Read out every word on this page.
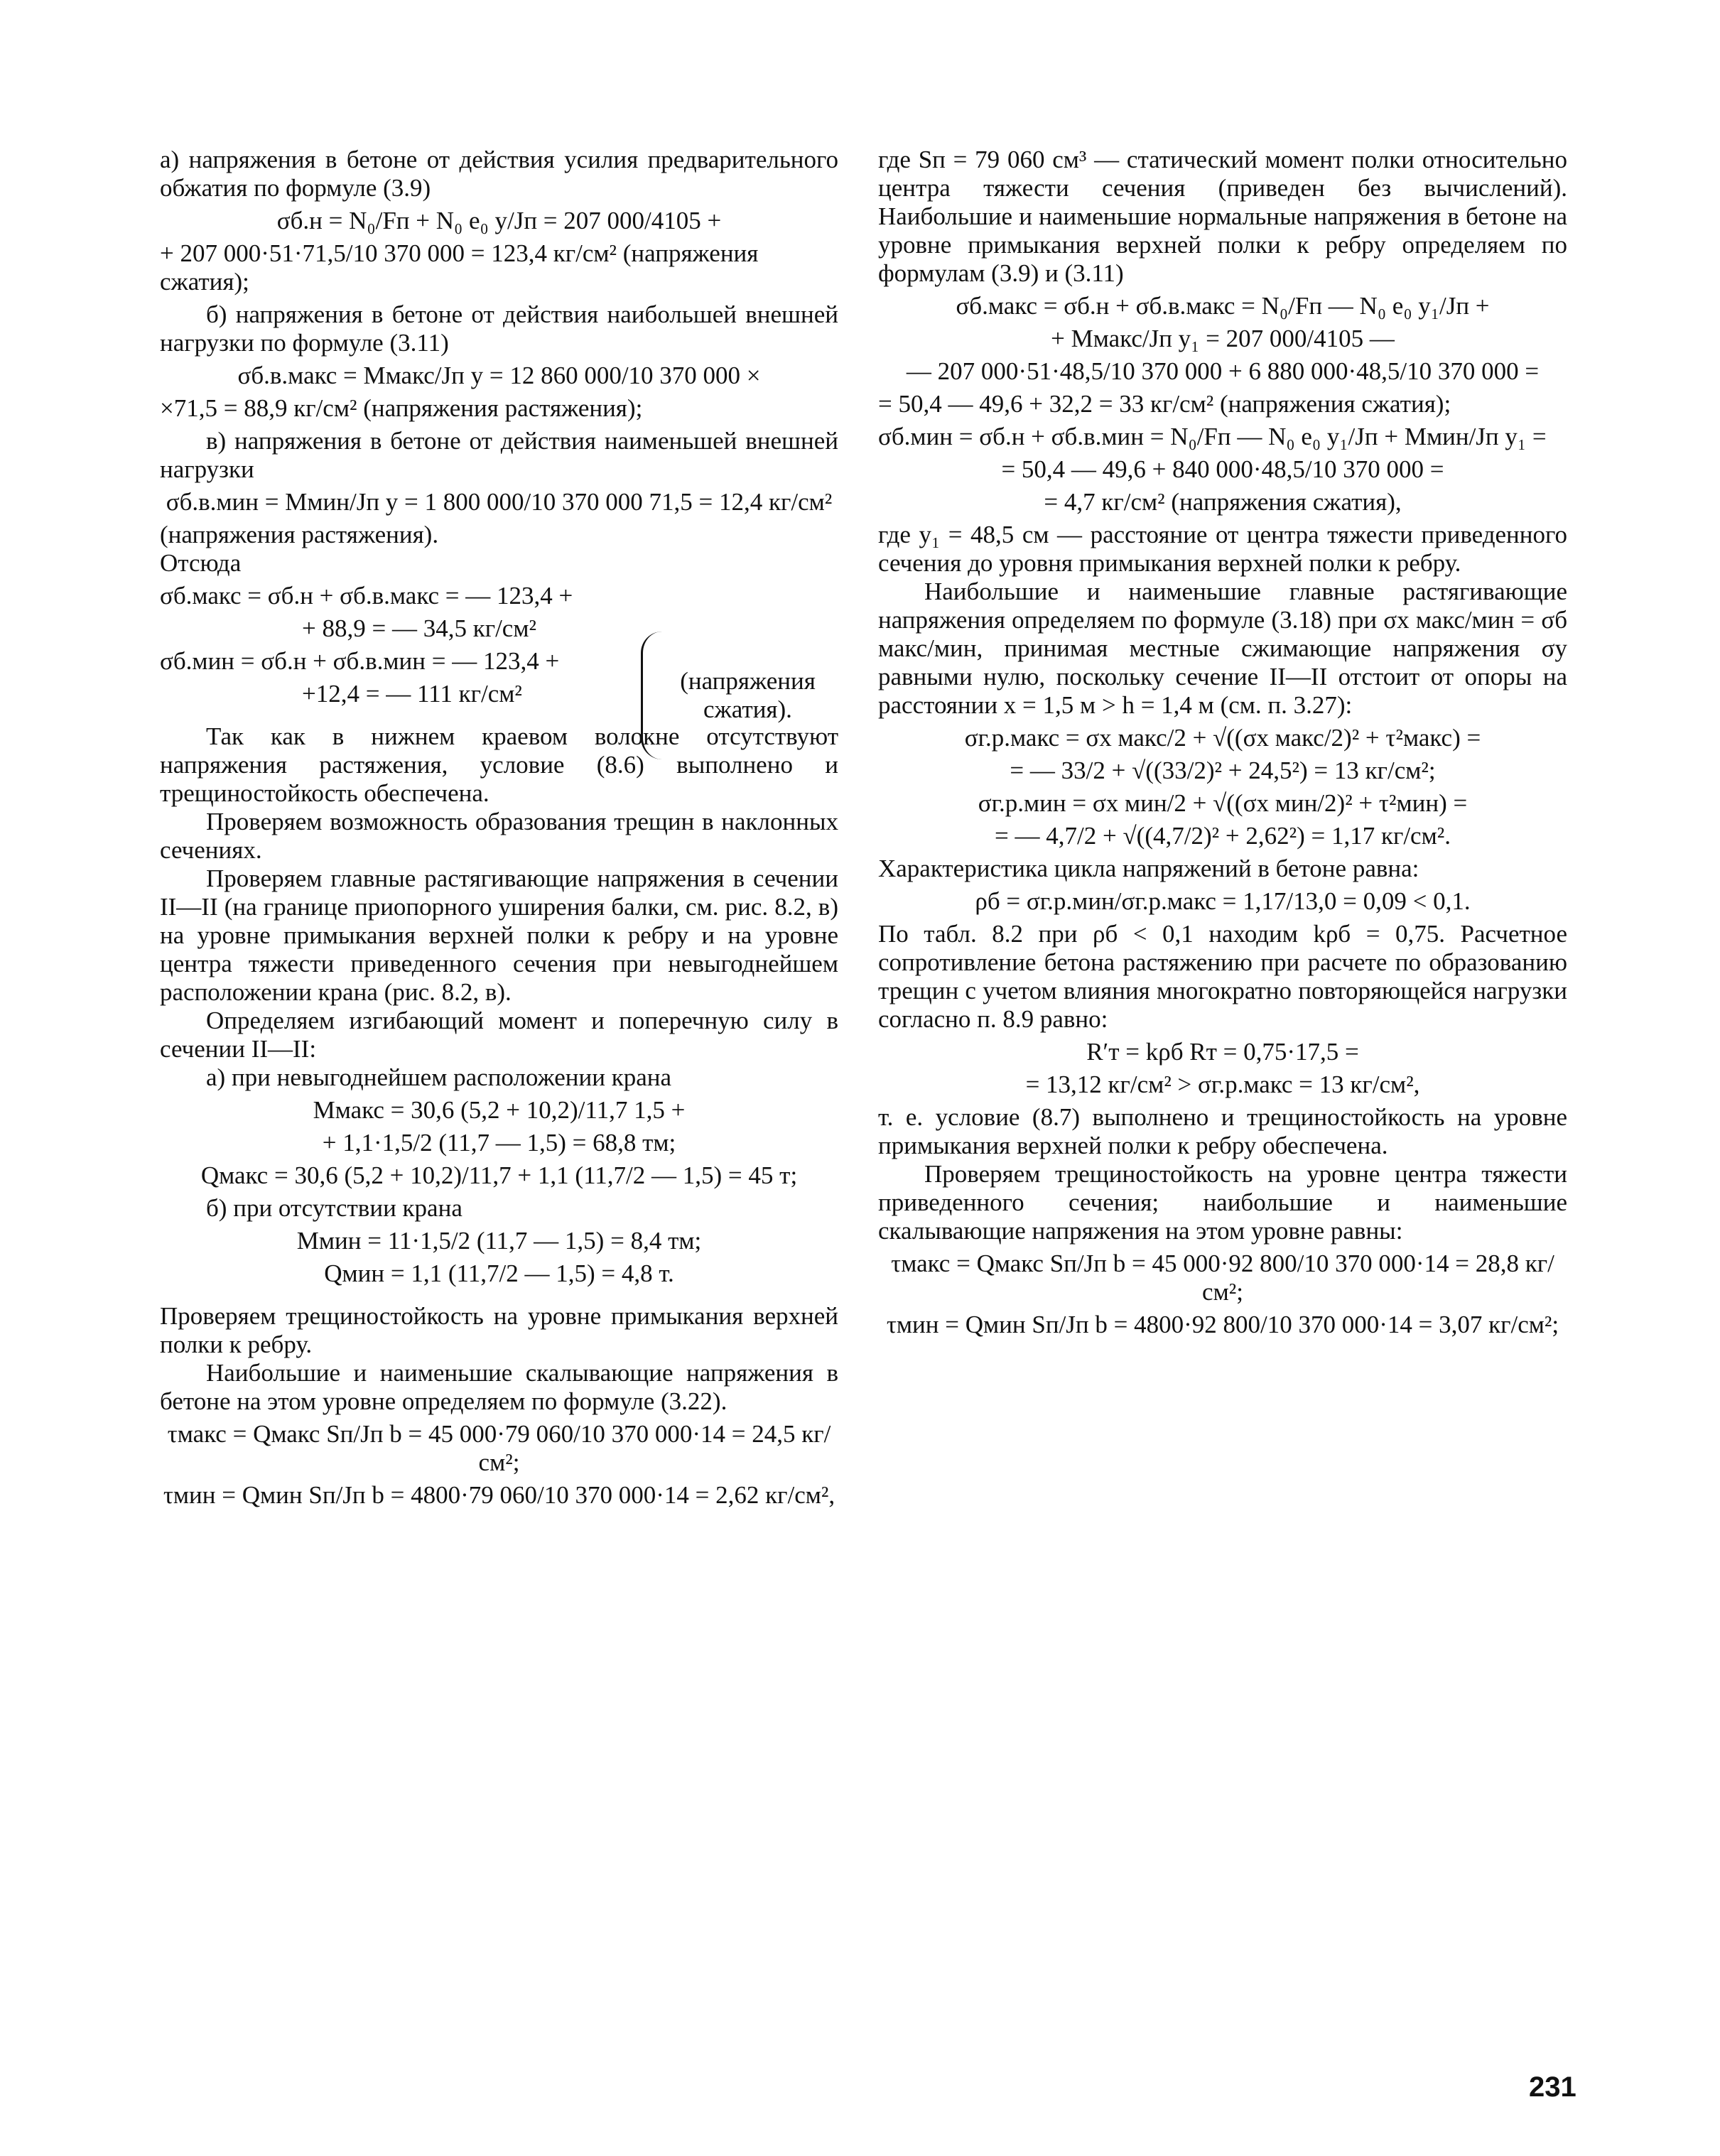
а) напряжения в бетоне от действия усилия предварительного обжатия по формуле (3.9)

σб.н = N₀/Fп + N₀ e₀ y/Jп = 207 000/4105 +
+ 207 000·51·71,5/10 370 000 = 123,4 кг/см² (напряжения сжатия);

б) напряжения в бетоне от действия наибольшей внешней нагрузки по формуле (3.11)

σб.в.макс = Mмакс/Jп y = 12 860 000/10 370 000 ×
×71,5 = 88,9 кг/см² (напряжения растяжения);

в) напряжения в бетоне от действия наименьшей внешней нагрузки

σб.в.мин = Mмин/Jп y = 1 800 000/10 370 000 71,5 = 12,4 кг/см²

(напряжения растяжения).

Отсюда

σб.макс = σб.н + σб.в.макс = — 123,4 +
+ 88,9 = — 34,5 кг/см²
σб.мин = σб.н + σб.в.мин = — 123,4 +
+12,4 = — 111 кг/см²	(напряжения сжатия).

Так как в нижнем краевом волокне отсутствуют напряжения растяжения, условие (8.6) выполнено и трещиностойкость обеспечена.

Проверяем возможность образования трещин в наклонных сечениях.

Проверяем главные растягивающие напряжения в сечении II—II (на границе приопорного уширения балки, см. рис. 8.2, в) на уровне примыкания верхней полки к ребру и на уровне центра тяжести приведенного сечения при невыгоднейшем расположении крана (рис. 8.2, в).

Определяем изгибающий момент и поперечную силу в сечении II—II:

а) при невыгоднейшем расположении крана

Mмакс = 30,6 (5,2 + 10,2)/11,7 1,5 +
+ 1,1·1,5/2 (11,7 — 1,5) = 68,8 тм;
Qмакс = 30,6 (5,2 + 10,2)/11,7 + 1,1 (11,7/2 — 1,5) = 45 т;

б) при отсутствии крана

Mмин = 11·1,5/2 (11,7 — 1,5) = 8,4 тм;
Qмин = 1,1 (11,7/2 — 1,5) = 4,8 т.

Проверяем трещиностойкость на уровне примыкания верхней полки к ребру.

Наибольшие и наименьшие скалывающие напряжения в бетоне на этом уровне определяем по формуле (3.22).

τмакс = Qмакс Sп/Jп b = 45 000·79 060/10 370 000·14 = 24,5 кг/см²;
τмин = Qмин Sп/Jп b = 4800·79 060/10 370 000·14 = 2,62 кг/см²,

где Sп = 79 060 см³ — статический момент полки относительно центра тяжести сечения (приведен без вычислений). Наибольшие и наименьшие нормальные напряжения в бетоне на уровне примыкания верхней полки к ребру определяем по формулам (3.9) и (3.11)

σб.макс = σб.н + σб.в.макс = N₀/Fп — N₀ e₀ y₁/Jп +
+ Mмакс/Jп y₁ = 207 000/4105 —
— 207 000·51·48,5/10 370 000 + 6 880 000·48,5/10 370 000 =
= 50,4 — 49,6 + 32,2 = 33 кг/см² (напряжения сжатия);
σб.мин = σб.н + σб.в.мин = N₀/Fп — N₀ e₀ y₁/Jп + Mмин/Jп y₁ =
= 50,4 — 49,6 + 840 000·48,5/10 370 000 =
= 4,7 кг/см² (напряжения сжатия),

где y₁ = 48,5 см — расстояние от центра тяжести приведенного сечения до уровня примыкания верхней полки к ребру.

Наибольшие и наименьшие главные растягивающие напряжения определяем по формуле (3.18) при σx макс/мин = σб макс/мин, принимая местные сжимающие напряжения σy равными нулю, поскольку сечение II—II отстоит от опоры на расстоянии x = 1,5 м > h = 1,4 м (см. п. 3.27):

σг.р.макс = σx макс/2 + √((σx макс/2)² + τ²макс) =
= — 33/2 + √((33/2)² + 24,5²) = 13 кг/см²;
σг.р.мин = σx мин/2 + √((σx мин/2)² + τ²мин) =
= — 4,7/2 + √((4,7/2)² + 2,62²) = 1,17 кг/см².

Характеристика цикла напряжений в бетоне равна:

ρб = σг.р.мин/σг.р.макс = 1,17/13,0 = 0,09 < 0,1.

По табл. 8.2 при ρб < 0,1 находим kρб = 0,75. Расчетное сопротивление бетона растяжению при расчете по образованию трещин с учетом влияния многократно повторяющейся нагрузки согласно п. 8.9 равно:

R′т = kρб Rт = 0,75·17,5 =
= 13,12 кг/см² > σг.р.макс = 13 кг/см²,

т. е. условие (8.7) выполнено и трещиностойкость на уровне примыкания верхней полки к ребру обеспечена.

Проверяем трещиностойкость на уровне центра тяжести приведенного сечения; наибольшие и наименьшие скалывающие напряжения на этом уровне равны:

τмакс = Qмакс Sп/Jп b = 45 000·92 800/10 370 000·14 = 28,8 кг/см²;
τмин = Qмин Sп/Jп b = 4800·92 800/10 370 000·14 = 3,07 кг/см²;
231
